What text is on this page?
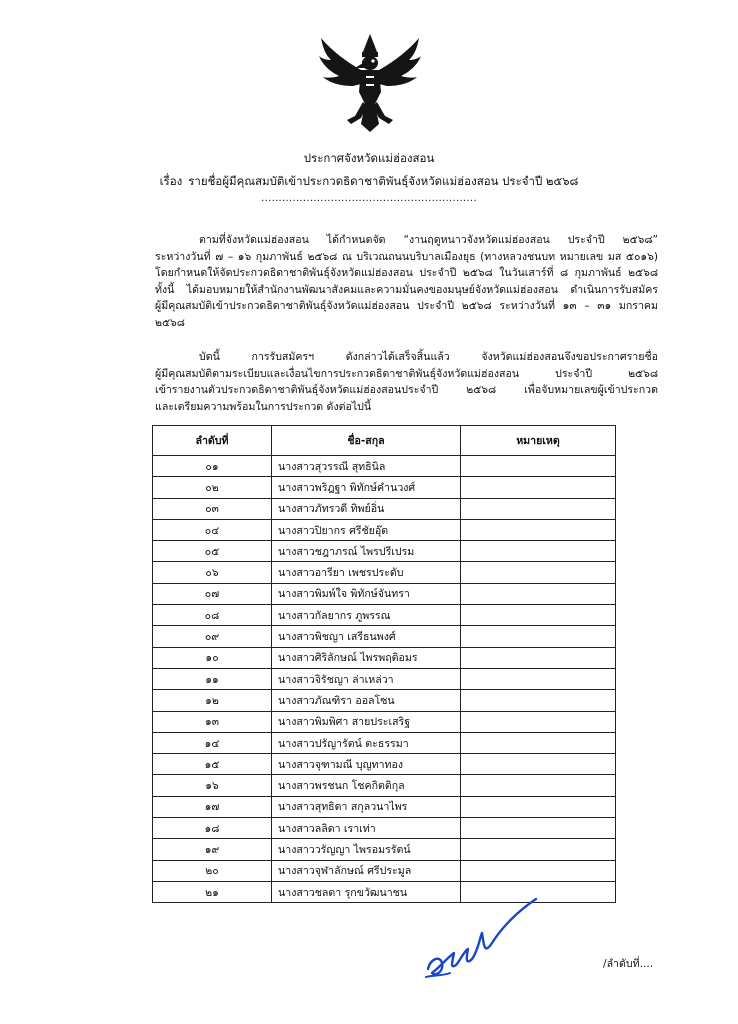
ประกาศจังหวัดแม่ฮ่องสอน
เรื่อง รายชื่อผู้มีคุณสมบัติเข้าประกวดธิดาชาติพันธุ์จังหวัดแม่ฮ่องสอน ประจำปี ๒๕๖๘
..............................................................

ตามที่จังหวัดแม่ฮ่องสอน ได้กำหนดจัด “งานฤดูหนาวจังหวัดแม่ฮ่องสอน ประจำปี ๒๕๖๘”

ระหว่างวันที่ ๗ – ๑๖ กุมภาพันธ์ ๒๕๖๘ ณ บริเวณถนนบริบาลเมืองยุธ (ทางหลวงชนบท หมายเลข มส ๕๐๑๖)

โดยกำหนดให้จัดประกวดธิดาชาติพันธุ์จังหวัดแม่ฮ่องสอน ประจำปี ๒๕๖๘ ในวันเสาร์ที่ ๘ กุมภาพันธ์ ๒๕๖๘

ทั้งนี้ ได้มอบหมายให้สำนักงานพัฒนาสังคมและความมั่นคงของมนุษย์จังหวัดแม่ฮ่องสอน ดำเนินการรับสมัคร

ผู้มีคุณสมบัติเข้าประกวดธิดาชาติพันธุ์จังหวัดแม่ฮ่องสอน ประจำปี ๒๕๖๘ ระหว่างวันที่ ๑๓ – ๓๑ มกราคม ๒๕๖๘

บัดนี้ การรับสมัครฯ ดังกล่าวได้เสร็จสิ้นแล้ว จังหวัดแม่ฮ่องสอนจึงขอประกาศรายชื่อ

ผู้มีคุณสมบัติตามระเบียบและเงื่อนไขการประกวดธิดาชาติพันธุ์จังหวัดแม่ฮ่องสอน ประจำปี ๒๕๖๘

เข้ารายงานตัวประกวดธิดาชาติพันธุ์จังหวัดแม่ฮ่องสอนประจำปี ๒๕๖๘ เพื่อจับหมายเลขผู้เข้าประกวด

และเตรียมความพร้อมในการประกวด ดังต่อไปนี้

ลำดับที่	ชื่อ-สกุล	หมายเหตุ
๐๑	นางสาวสุวรรณี สุทธินิล	
๐๒	นางสาวพริฎฐา พิทักษ์คำนวงศ์	
๐๓	นางสาวภัทรวดี ทิพย์อิ่น	
๐๔	นางสาวปิยากร ศรีชัยอุ๊ด	
๐๕	นางสาวชฎาภรณ์ ไพรปรีเปรม	
๐๖	นางสาวอารียา เพชรประดับ	
๐๗	นางสาวพิมพ์ใจ พิทักษ์จันทรา	
๐๘	นางสาวกัลยากร ภูพรรณ	
๐๙	นางสาวพิชญา เสรีธนพงศ์	
๑๐	นางสาวศิริลักษณ์ ไพรพฤติอมร	
๑๑	นางสาวจิรัชญา ล่าเหล่วา	
๑๒	นางสาวภัณฑิรา ออลโซน	
๑๓	นางสาวพิมพิศา สายประเสริฐ	
๑๔	นางสาวปรัญารัตน์ ตะธรรมา	
๑๕	นางสาวจุฑามณี บุญทาทอง	
๑๖	นางสาวพรชนก โชคกิตติกุล	
๑๗	นางสาวสุทธิดา สกุลวนาไพร	
๑๘	นางสาวลลิดา เราเท่า	
๑๙	นางสาววรัญญา ไพรอมรรัตน์	
๒๐	นางสาวจุฬาลักษณ์ ศรีประมูล	
๒๑	นางสาวชลดา รุกขวัฒนาชน	
/ลำดับที่....
